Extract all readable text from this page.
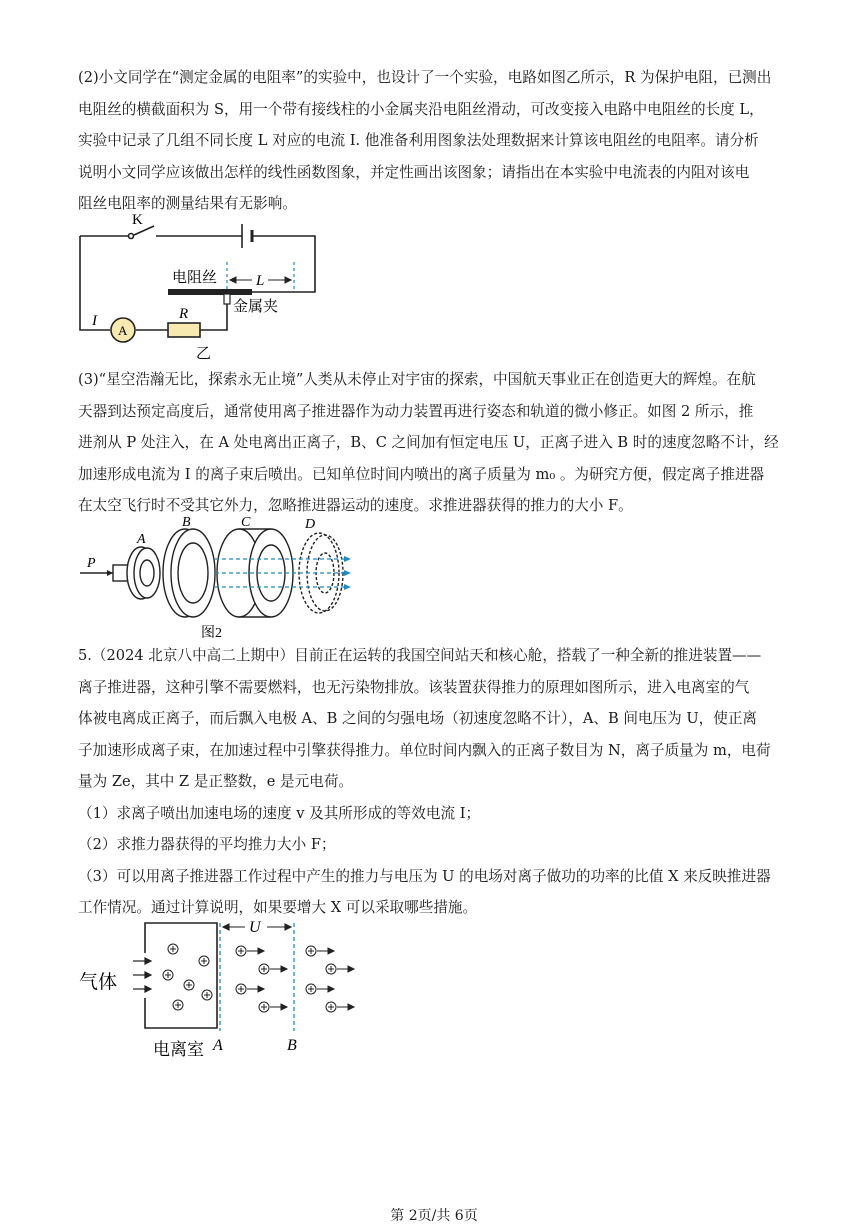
(2)小文同学在“测定金属的电阻率”的实验中，也设计了一个实验，电路如图乙所示，R 为保护电阻，已测出
电阻丝的横截面积为 S，用一个带有接线柱的小金属夹沿电阻丝滑动，可改变接入电路中电阻丝的长度 L，
实验中记录了几组不同长度 L 对应的电流 I. 他准备利用图象法处理数据来计算该电阻丝的电阻率。请分析
说明小文同学应该做出怎样的线性函数图象，并定性画出该图象；请指出在本实验中电流表的内阻对该电
阻丝电阻率的测量结果有无影响。
K
电阻丝	L
金属夹
I
A
R
乙
(3)“星空浩瀚无比，探索永无止境”人类从未停止对宇宙的探索，中国航天事业正在创造更大的辉煌。在航
天器到达预定高度后，通常使用离子推进器作为动力装置再进行姿态和轨道的微小修正。如图 2 所示，推
进剂从 P 处注入，在 A 处电离出正离子，B、C 之间加有恒定电压 U，正离子进入 B 时的速度忽略不计，经
加速形成电流为 I 的离子束后喷出。已知单位时间内喷出的离子质量为 m₀ 。为研究方便，假定离子推进器
在太空飞行时不受其它外力，忽略推进器运动的速度。求推进器获得的推力的大小 F。
P
A
B	C	D
图2
5.（2024 北京八中高二上期中）目前正在运转的我国空间站天和核心舱，搭载了一种全新的推进装置——
离子推进器，这种引擎不需要燃料，也无污染物排放。该装置获得推力的原理如图所示，进入电离室的气
体被电离成正离子，而后飘入电极 A、B 之间的匀强电场（初速度忽略不计），A、B 间电压为 U，使正离
子加速形成离子束，在加速过程中引擎获得推力。单位时间内飘入的正离子数目为 N，离子质量为 m，电荷
量为 Ze，其中 Z 是正整数，e 是元电荷。
（1）求离子喷出加速电场的速度 v 及其所形成的等效电流 I；
（2）求推力器获得的平均推力大小 F；
（3）可以用离子推进器工作过程中产生的推力与电压为 U 的电场对离子做功的功率的比值 X 来反映推进器
工作情况。通过计算说明，如果要增大 X 可以采取哪些措施。
气体
U
电离室 A	B
第 2页/共 6页
